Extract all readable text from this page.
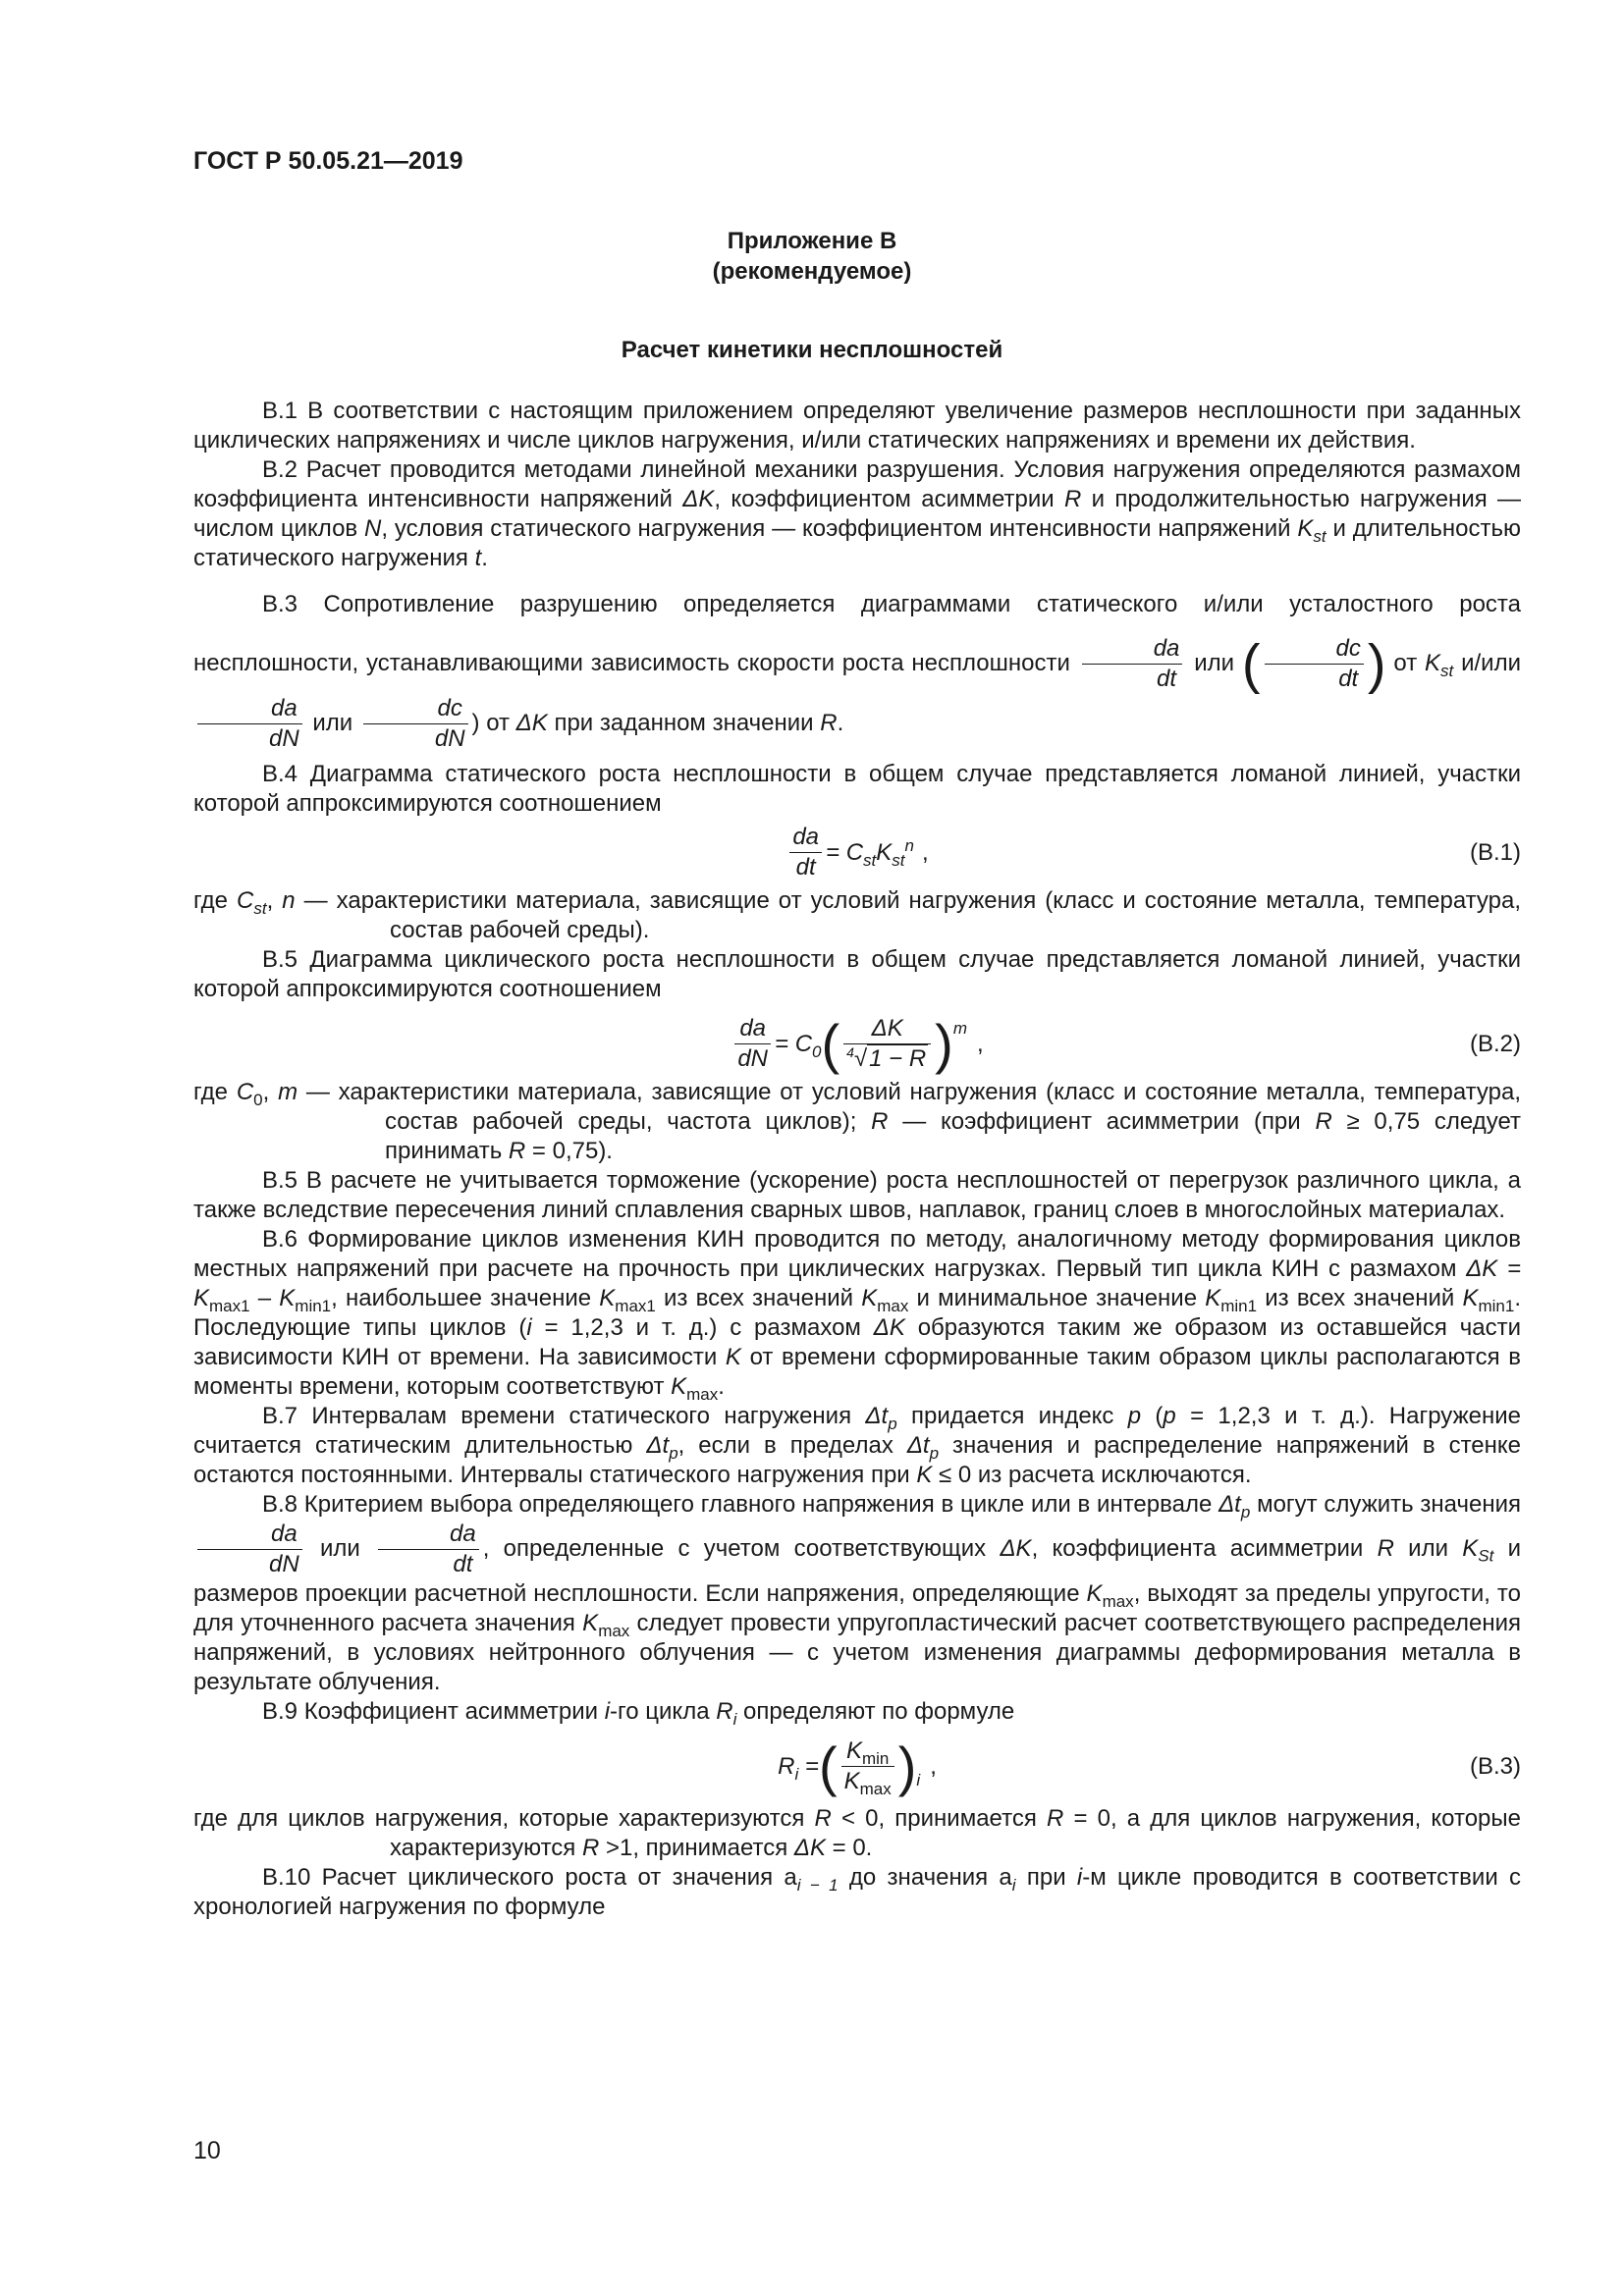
ГОСТ Р 50.05.21—2019
Приложение В
(рекомендуемое)
Расчет кинетики несплошностей

В.1 В соответствии с настоящим приложением определяют увеличение размеров несплошности при заданных циклических напряжениях и числе циклов нагружения, и/или статических напряжениях и времени их действия.

В.2 Расчет проводится методами линейной механики разрушения. Условия нагружения определяются размахом коэффициента интенсивности напряжений ΔK, коэффициентом асимметрии R и продолжительностью нагружения — числом циклов N, условия статического нагружения — коэффициентом интенсивности напряжений $K_{st}$ и длительностью статического нагружения t.

В.3 Сопротивление разрушению определяется диаграммами статического и/или усталостного роста несплошности, устанавливающими зависимость скорости роста несплошности $\frac{da}{dt}$ или ( $\frac{dc}{dt}$ ) от $K_{st}$ и/или
$\frac{da}{dN}$ или $\frac{dc}{dN}$ ) от ΔK при заданном значении R.

В.4 Диаграмма статического роста несплошности в общем случае представляется ломаной линией, участки которой аппроксимируются соотношением

$\frac{da}{dt} = C_{st}K_{st}^n$ ,	(В.1)

где $C_{st}$, n — характеристики материала, зависящие от условий нагружения (класс и состояние металла, температура, состав рабочей среды).

В.5 Диаграмма циклического роста несплошности в общем случае представляется ломаной линией, участки которой аппроксимируются соотношением

$\frac{da}{dN} = C_0$ ( $\frac{\Delta K}{^4√1 - R} )^m$
,	(В.2)

где $C_0$, m — характеристики материала, зависящие от условий нагружения (класс и состояние металла, температура, состав рабочей среды, частота циклов); R — коэффициент асимметрии (при R ≥ 0,75 следует принимать R = 0,75).

В.5 В расчете не учитывается торможение (ускорение) роста несплошностей от перегрузок различного цикла, а также вследствие пересечения линий сплавления сварных швов, наплавок, границ слоев в многослойных материалах.

В.6 Формирование циклов изменения КИН проводится по методу, аналогичному методу формирования циклов местных напряжений при расчете на прочность при циклических нагрузках. Первый тип цикла КИН с размахом $\Delta K = K_{max1} - K_{min1}$, наибольшее значение $K_{max1}$ из всех значений $K_{max}$ и минимальное значение $K_{min1}$ из всех значений $K_{min1}$. Последующие типы циклов (i = 1,2,3 и т. д.) с размахом ΔK образуются таким же образом из оставшейся части зависимости КИН от времени. На зависимости K от времени сформированные таким образом циклы располагаются в моменты времени, которым соответствуют $K_{max}$.

В.7 Интервалам времени статического нагружения $\Delta t_p$ придается индекс p (p = 1,2,3 и т. д.). Нагружение считается статическим длительностью $\Delta t_p$, если в пределах $\Delta t_p$ значения и распределение напряжений в стенке остаются постоянными. Интервалы статического нагружения при K ≤ 0 из расчета исключаются.

В.8 Критерием выбора определяющего главного напряжения в цикле или в интервале $\Delta t_p$ могут служить значения
$\frac{da}{dN}$ или $\frac{da}{dt}$ , определенные с учетом соответствующих ΔK, коэффициента асимметрии R или $K_{St}$ и размеров проекции расчетной несплошности. Если напряжения, определяющие $K_{max}$, выходят за пределы упругости, то для уточненного расчета значения $K_{max}$ следует провести упругопластический расчет соответствующего распределения напряжений, в условиях нейтронного облучения — с учетом изменения диаграммы деформирования металла в результате облучения.

В.9 Коэффициент асимметрии i-го цикла $R_i$ определяют по формуле

$R_i$ = ( $\frac{K_{min}}{K_{max}} )_i$
,	(В.3)

где для циклов нагружения, которые характеризуются R < 0, принимается R = 0, а для циклов нагружения, которые характеризуются R >1, принимается ΔK = 0.

В.10 Расчет циклического роста от значения $a_{i - 1}$ до значения $a_i$ при i-м цикле проводится в соответствии с хронологией нагружения по формуле

10
